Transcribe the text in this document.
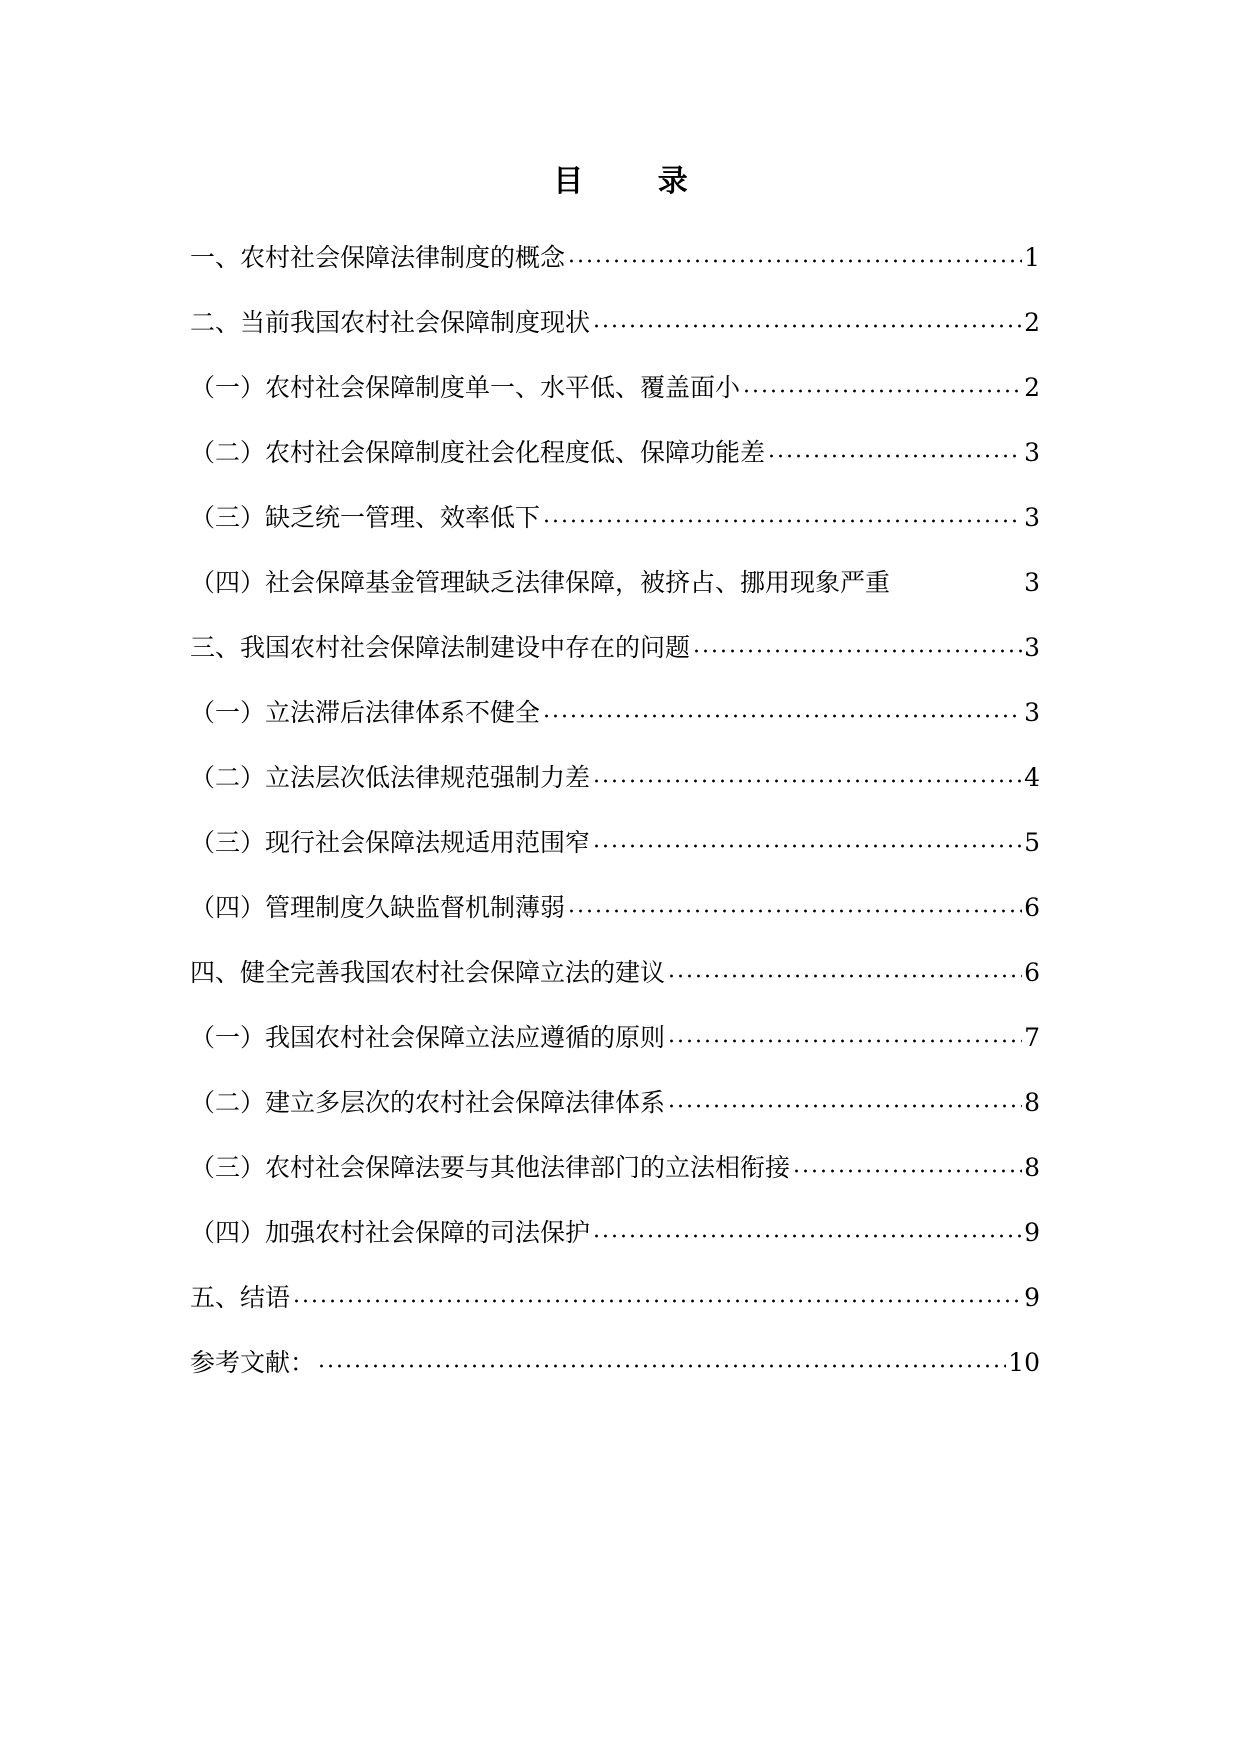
目 录
一、农村社会保障法律制度的概念	1
二、当前我国农村社会保障制度现状	2
（一）农村社会保障制度单一、水平低、覆盖面小	2
（二）农村社会保障制度社会化程度低、保障功能差	3
（三）缺乏统一管理、效率低下	3
（四）社会保障基金管理缺乏法律保障，被挤占、挪用现象严重	3
三、我国农村社会保障法制建设中存在的问题	3
（一）立法滞后法律体系不健全	3
（二）立法层次低法律规范强制力差	4
（三）现行社会保障法规适用范围窄	5
（四）管理制度久缺监督机制薄弱	6
四、健全完善我国农村社会保障立法的建议	6
（一）我国农村社会保障立法应遵循的原则	7
（二）建立多层次的农村社会保障法律体系	8
（三）农村社会保障法要与其他法律部门的立法相衔接	8
（四）加强农村社会保障的司法保护	9
五、结语	9
参考文献：	10
